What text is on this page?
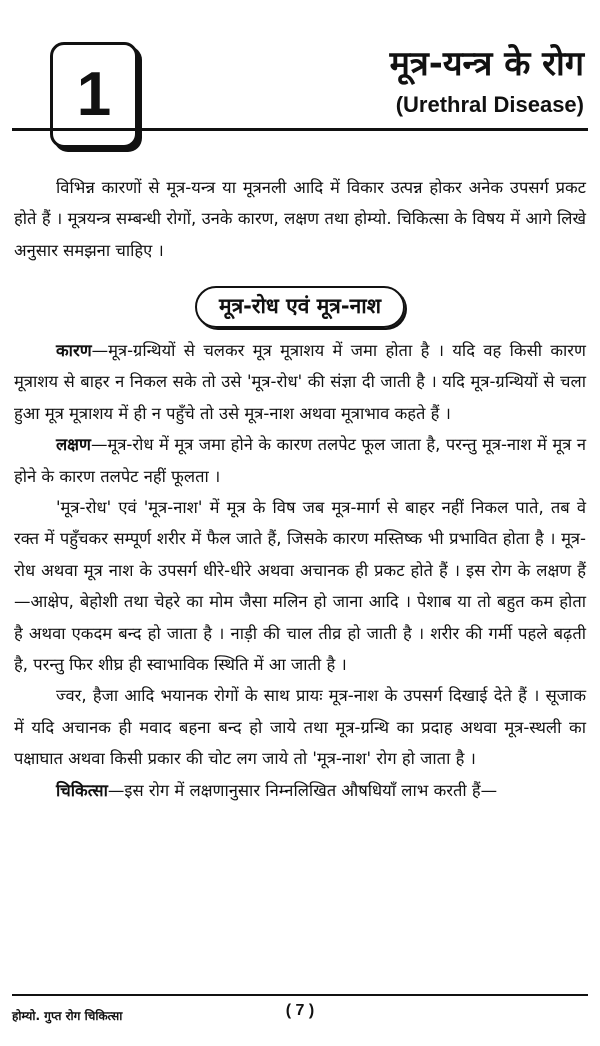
1	मूत्र-यन्त्र के रोग
(Urethral Disease)

विभिन्न कारणों से मूत्र-यन्त्र या मूत्रनली आदि में विकार उत्पन्न होकर अनेक उपसर्ग प्रकट होते हैं । मूत्रयन्त्र सम्बन्धी रोगों, उनके कारण, लक्षण तथा होम्यो. चिकित्सा के विषय में आगे लिखे अनुसार समझना चाहिए ।

मूत्र-रोध एवं मूत्र-नाश

कारण—मूत्र-ग्रन्थियों से चलकर मूत्र मूत्राशय में जमा होता है । यदि वह किसी कारण मूत्राशय से बाहर न निकल सके तो उसे 'मूत्र-रोध' की संज्ञा दी जाती है । यदि मूत्र-ग्रन्थियों से चला हुआ मूत्र मूत्राशय में ही न पहुँचे तो उसे मूत्र-नाश अथवा मूत्राभाव कहते हैं ।

लक्षण—मूत्र-रोध में मूत्र जमा होने के कारण तलपेट फूल जाता है, परन्तु मूत्र-नाश में मूत्र न होने के कारण तलपेट नहीं फूलता ।

'मूत्र-रोध' एवं 'मूत्र-नाश' में मूत्र के विष जब मूत्र-मार्ग से बाहर नहीं निकल पाते, तब वे रक्त में पहुँचकर सम्पूर्ण शरीर में फैल जाते हैं, जिसके कारण मस्तिष्क भी प्रभावित होता है । मूत्र-रोध अथवा मूत्र नाश के उपसर्ग धीरे-धीरे अथवा अचानक ही प्रकट होते हैं । इस रोग के लक्षण हैं—आक्षेप, बेहोशी तथा चेहरे का मोम जैसा मलिन हो जाना आदि । पेशाब या तो बहुत कम होता है अथवा एकदम बन्द हो जाता है । नाड़ी की चाल तीव्र हो जाती है । शरीर की गर्मी पहले बढ़ती है, परन्तु फिर शीघ्र ही स्वाभाविक स्थिति में आ जाती है ।

ज्वर, हैजा आदि भयानक रोगों के साथ प्रायः मूत्र-नाश के उपसर्ग दिखाई देते हैं । सूजाक में यदि अचानक ही मवाद बहना बन्द हो जाये तथा मूत्र-ग्रन्थि का प्रदाह अथवा मूत्र-स्थली का पक्षाघात अथवा किसी प्रकार की चोट लग जाये तो 'मूत्र-नाश' रोग हो जाता है ।

चिकित्सा—इस रोग में लक्षणानुसार निम्नलिखित औषधियाँ लाभ करती हैं—

होम्यो. गुप्त रोग चिकित्सा	( 7 )
